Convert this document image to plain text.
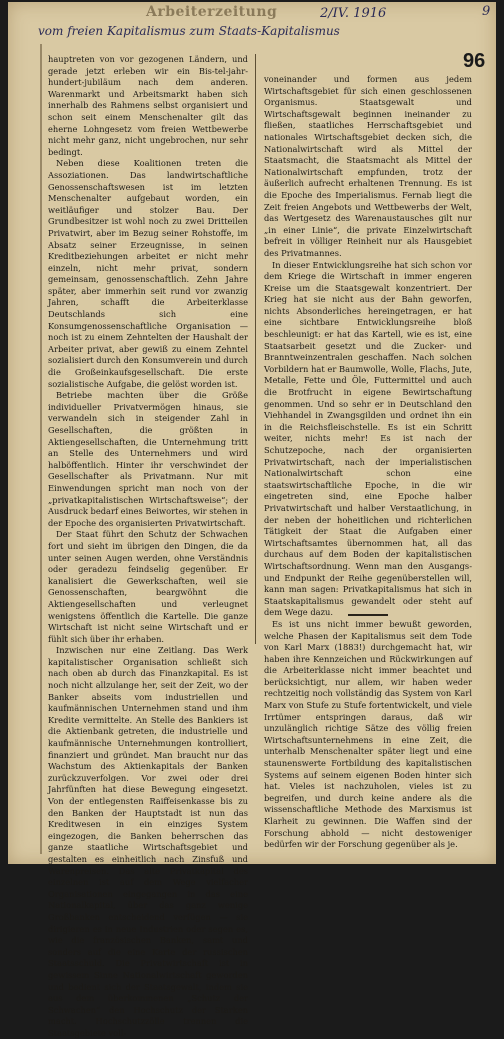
Arbeiterzeitung	2/IV. 1916	9
vom freien Kapitalismus zum Staats-Kapitalismus
96

hauptreten von vor gezogenen Ländern, und gerade jetzt erleben wir ein Bis-tel-jahr-hundert-jubiläum nach dem anderen. Warenmarkt und Arbeitsmarkt haben sich innerhalb des Rahmens selbst organisiert und schon seit einem Menschenalter gilt das eherne Lohngesetz vom freien Wettbewerbe nicht mehr ganz, nicht ungebrochen, nur sehr bedingt.

Neben diese Koalitionen treten die Assoziationen. Das landwirtschaftliche Genossenschaftswesen ist im letzten Menschenalter aufgebaut worden, ein weitläufiger und stolzer Bau. Der Grundbesitzer ist wohl noch zu zwei Dritteilen Privatwirt, aber im Bezug seiner Rohstoffe, im Absatz seiner Erzeugnisse, in seinen Kreditbeziehungen arbeitet er nicht mehr einzeln, nicht mehr privat, sondern gemeinsam, genossenschaftlich. Zehn Jahre später, aber immerhin seit rund vor zwanzig Jahren, schafft die Arbeiterklasse Deutschlands sich eine Konsumgenossenschaftliche Organisation — noch ist zu einem Zehntelten der Haushalt der Arbeiter privat, aber gewiß zu einem Zehntel sozialisiert durch den Konsumverein und durch die Großeinkaufsgesellschaft. Die erste sozialistische Aufgabe, die gelöst worden ist.

Betriebe machten über die Größe individueller Privatvermögen hinaus, sie verwandeln sich in steigender Zahl in Gesellschaften, die größten in Aktiengesellschaften, die Unternehmung tritt an Stelle des Unternehmers und wird halböffentlich. Hinter ihr verschwindet der Gesellschafter als Privatmann. Nur mit Einwendungen spricht man noch von der „privatkapitalistischen Wirtschaftsweise“; der Ausdruck bedarf eines Beiwortes, wir stehen in der Epoche des organisierten Privatwirtschaft.

Der Staat führt den Schutz der Schwachen fort und sieht im übrigen den Dingen, die da unter seinen Augen werden, ohne Verständnis oder geradezu feindselig gegenüber. Er kanalisiert die Gewerkschaften, weil sie Genossenschaften, beargwöhnt die Aktiengesellschaften und verleugnet wenigstens öffentlich die Kartelle. Die ganze Wirtschaft ist nicht seine Wirtschaft und er fühlt sich über ihr erhaben.

Inzwischen nur eine Zeitlang. Das Werk kapitalistischer Organisation schließt sich nach oben ab durch das Finanzkapital. Es ist noch nicht allzulange her, seit der Zeit, wo der Banker abseits vom industriellen und kaufmännischen Unternehmen stand und ihm Kredite vermittelte. An Stelle des Bankiers ist die Aktienbank getreten, die industrielle und kaufmännische Unternehmungen kontrolliert, finanziert und gründet. Man braucht nur das Wachstum des Aktienkapitals der Banken zurückzuverfolgen. Vor zwei oder drei Jahrfünften hat diese Bewegung eingesetzt. Von der entlegensten Raiffeisenkasse bis zu den Banken der Hauptstadt ist nun das Kreditwesen in ein einziges System eingezogen, die Banken beherrschen das ganze staatliche Wirtschaftsgebiet und gestalten es einheitlich nach Zinsfuß und Warenpreisen. Das alte Privatkapital des einzelnen ist auf dem Wege vielfacher Organisationen eingegangen in das eine Nationalkapital, über das ganz wenige Großbanken entscheidend verfügen — sie dirigieren es in neue Industrien oder segen es, wie die französischen Banken, samt und sonders auf die eine Karte der russischen Staatsschuld. Die Privatwirtschaft ist in gewissem Sinne Nationalwirtschaft geworden und bedient sich der Staatsgewalt, indem sie aus dem überkommenen „Schutz der Schwachen“ den Hochschutz der Starken macht. Hochschutzzölle trennen die Staatsgebiete voll-

voneinander und formen aus jedem Wirtschaftsgebiet für sich einen geschlossenen Organismus. Staatsgewalt und Wirtschaftsgewalt beginnen ineinander zu fließen, staatliches Herrschaftsgebiet und nationales Wirtschaftsgebiet decken sich, die Nationalwirtschaft wird als Mittel der Staatsmacht, die Staatsmacht als Mittel der Nationalwirtschaft empfunden, trotz der äußerlich aufrecht erhaltenen Trennung. Es ist die Epoche des Imperialismus. Fernab liegt die Zeit freien Angebots und Wettbewerbs der Welt, das Wertgesetz des Warenaustausches gilt nur „in einer Linie“, die private Einzelwirtschaft befreit in völliger Reinheit nur als Hausgebiet des Privatmannes.

In dieser Entwicklungsreihe hat sich schon vor dem Kriege die Wirtschaft in immer engeren Kreise um die Staatsgewalt konzentriert. Der Krieg hat sie nicht aus der Bahn geworfen, nichts Absonderliches hereingetragen, er hat eine sichtbare Entwicklungsreihe bloß beschleunigt: er hat das Kartell, wie es ist, eine Staatsarbeit gesetzt und die Zucker- und Branntweinzentralen geschaffen. Nach solchen Vorbildern hat er Baumwolle, Wolle, Flachs, Jute, Metalle, Fette und Öle, Futtermittel und auch die Brotfrucht in eigene Bewirtschaftung genommen. Und so sehr er in Deutschland den Viehhandel in Zwangsgilden und ordnet ihn ein in die Reichsfleischstelle. Es ist ein Schritt weiter, nichts mehr! Es ist nach der Schutzepoche, nach der organisierten Privatwirtschaft, nach der imperialistischen Nationalwirtschaft schon eine staatswirtschaftliche Epoche, in die wir eingetreten sind, eine Epoche halber Privatwirtschaft und halber Verstaatlichung, in der neben der hoheitlichen und richterlichen Tätigkeit der Staat die Aufgaben einer Wirtschaftsamtes übernommen hat, all das durchaus auf dem Boden der kapitalistischen Wirtschaftsordnung. Wenn man den Ausgangs- und Endpunkt der Reihe gegenüberstellen will, kann man sagen: Privatkapitalismus hat sich in Staatskapitalismus gewandelt oder steht auf dem Wege dazu.

Es ist uns nicht immer bewußt geworden, welche Phasen der Kapitalismus seit dem Tode von Karl Marx (1883!) durchgemacht hat, wir haben ihre Kennzeichen und Rückwirkungen auf die Arbeiterklasse nicht immer beachtet und berücksichtigt, nur allem, wir haben weder rechtzeitig noch vollständig das System von Karl Marx von Stufe zu Stufe fortentwickelt, und viele Irrtümer entspringen daraus, daß wir unzulänglich richtige Sätze des völlig freien Wirtschaftsunternehmens in eine Zeit, die unterhalb Menschenalter später liegt und eine staunenswerte Fortbildung des kapitalistischen Systems auf seinem eigenen Boden hinter sich hat. Vieles ist nachzuholen, vieles ist zu begreifen, und durch keine andere als die wissenschaftliche Methode des Marxismus ist Klarheit zu gewinnen. Die Waffen sind der Forschung abhold — nicht destoweniger bedürfen wir der Forschung gegenüber als je.
